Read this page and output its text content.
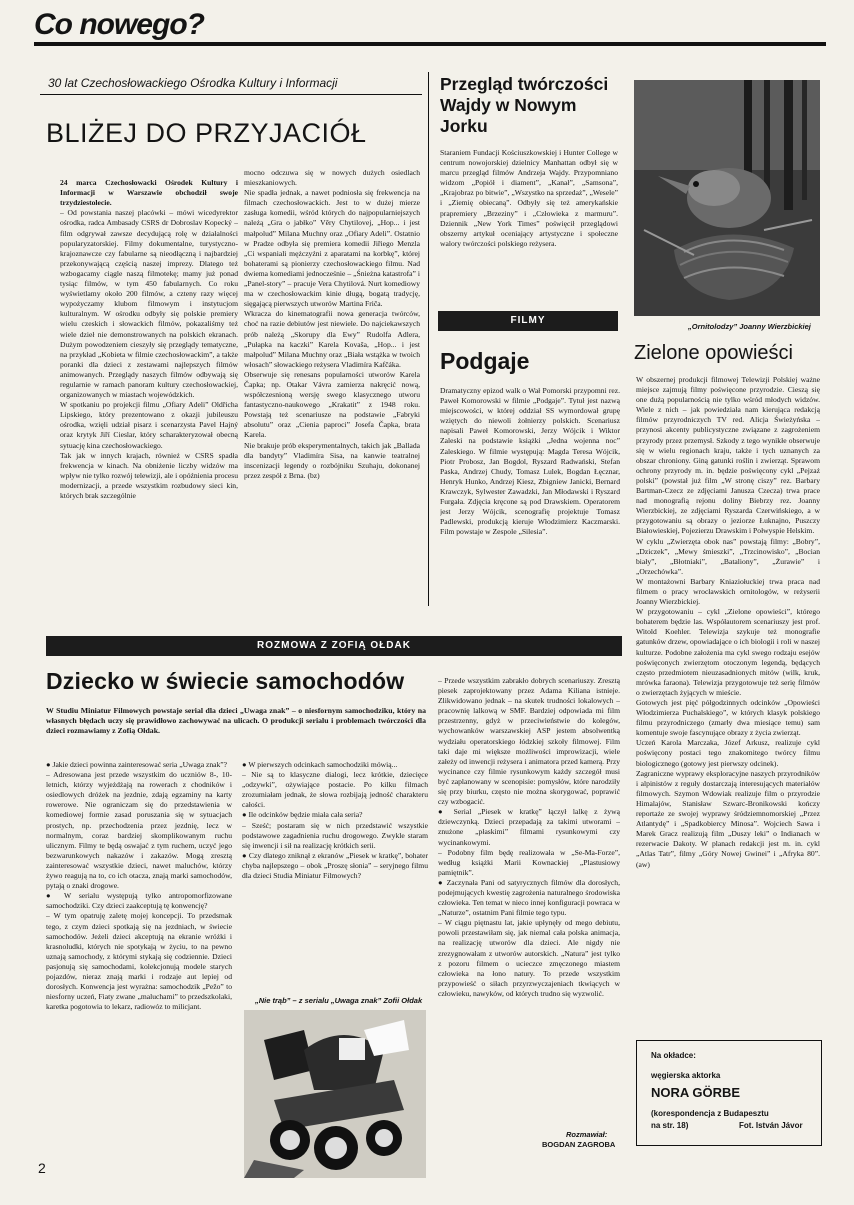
Co nowego?
30 lat Czechosłowackiego Ośrodka Kultury i Informacji
BLIŻEJ DO PRZYJACIÓŁ

24 marca Czechosłowacki Ośrodek Kultury i Informacji w Warszawie obchodził swoje trzydziestolecie.
– Od powstania naszej placówki – mówi wicedyrektor ośrodka, radca Ambasady CSRS dr Dobroslav Kopecký – film odgrywał zawsze decydującą rolę w działalności popularyzatorskiej. Filmy dokumentalne, turystyczno-krajoznawcze czy fabularne są nieodłączną i najbardziej przekonywającą częścią naszej imprezy. Dlatego też wzbogacamy ciągle naszą filmotekę; mamy już ponad tysiąc filmów, w tym 450 fabularnych. Co roku wyświetlamy około 200 filmów, a czteny razy więcej wypożyczamy klubom filmowym i instytucjom kulturalnym. W ośrodku odbyły się polskie premiery wielu czeskich i słowackich filmów, pokazaliśmy też wiele dzieł nie demonstrowanych na polskich ekranach. Dużym powodzeniem cieszyły się przeglądy tematyczne, na przykład „Kobieta w filmie czechosłowackim”, a także poranki dla dzieci z zestawami najlepszych filmów animowanych. Przeglądy naszych filmów odbywają się regularnie w ramach panoram kultury czechosłowackiej, organizowanych w miastach wojewódzkich.
W spotkaniu po projekcji filmu „Ofiary Adeli” Oldřicha Lipskiego, który prezentowano z okazji jubileuszu ośrodka, wzięli udział pisarz i scenarzysta Pavel Hajný oraz krytyk Jiří Cieslar, który scharakteryzował obecną sytuację kina czechosłowackiego.
Tak jak w innych krajach, również w CSRS spadła frekwencja w kinach. Na obniżenie liczby widzów ma wpływ nie tylko rozwój telewizji, ale i opóźnienia procesu modernizacji, a przede wszystkim rozbudowy sieci kin, których brak szczególnie

mocno odczuwa się w nowych dużych osiedlach mieszkaniowych.
Nie spadła jednak, a nawet podniosła się frekwencja na filmach czechosłowackich. Jest to w dużej mierze zasługa komedii, wśród których do najpopularniejszych należą „Gra o jabłko” Věry Chytilovej, „Hop... i jest małpolud” Milana Muchny oraz „Ofiary Adeli”. Ostatnio w Pradze odbyła się premiera komedii Jiřiego Menzla „Ci wspaniali mężczyźni z aparatami na korbkę”, której bohaterami są pionierzy czechosłowackiego filmu. Nad dwiema komediami jednocześnie – „Śnieżna katastrofa” i „Panel-story” – pracuje Vera Chytilová. Nurt komediowy ma w czechosłowackim kinie długą, bogatą tradycję, sięgającą pierwszych utworów Martina Friča.
Wkracza do kinematografii nowa generacja twórców, choć na razie debiutów jest niewiele. Do najciekawszych prób należą „Skorupy dla Ewy” Rudolfa Adlera, „Pułapka na kaczki” Karela Kovaša, „Hop... i jest małpolud” Milana Muchny oraz „Biała wstążka w twoich włosach” słowackiego reżysera Vladimíra Kafčáka.
Obserwuje się renesans popularności utworów Karela Čapka; np. Otakar Vávra zamierza nakręcić nową, współczesnioną wersję swego klasycznego utworu fantastyczno-naukowego „Krakatit” z 1948 roku. Powstają też scenariusze na podstawie „Fabryki absolutu” oraz „Cienia paproci” Josefa Čapka, brata Karela.
Nie brakuje prób eksperymentalnych, takich jak „Ballada dla bandyty” Vladimíra Sisa, na kanwie teatralnej inscenizacji legendy o rozbójniku Szuhaju, dokonanej przez zespół z Brna. (bz)
Przegląd twórczości Wajdy w Nowym Jorku
Staraniem Fundacji Kościuszkowskiej i Hunter College w centrum nowojorskiej dzielnicy Manhattan odbył się w marcu przegląd filmów Andrzeja Wajdy. Przypomniano widzom „Popiół i diament”, „Kanał”, „Samsona”, „Krajobraz po bitwie”, „Wszystko na sprzedaż”, „Wesele” i „Ziemię obiecaną”. Odbyły się też amerykańskie prapremiery „Brzeziny” i „Człowieka z marmuru”. Dziennik „New York Times” poświęcił przeglądowi obszerny artykuł oceniający artystyczne i społeczne walory twórczości polskiego reżysera.
„Ornitolodzy” Joanny Wierzbickiej
FILMY
Podgaje
Dramatyczny epizod walk o Wał Pomorski przypomni rez. Paweł Komorowski w filmie „Podgaje”. Tytuł jest nazwą miejscowości, w której oddział SS wymordował grupę wziętych do niewoli żołnierzy polskich. Scenariusz napisali Paweł Komorowski, Jerzy Wójcik i Wiktor Zaleski na podstawie książki „Jedna wojenna noc” Zaleskiego. W filmie występują: Magda Teresa Wójcik, Piotr Probosz, Jan Bogdol, Ryszard Radwański, Stefan Paska, Andrzej Chudy, Tomasz Lulek, Bogdan Łęcznar, Henryk Hunko, Andrzej Kiesz, Zbigniew Janicki, Bernard Krawczyk, Sylwester Zawadzki, Jan Młodawski i Ryszard Furgała. Zdjęcia kręcone są pod Drawskiem. Operatorem jest Jerzy Wójcik, scenografię projektuje Tomasz Padlewski, produkcją kieruje Włodzimierz Kaczmarski. Film powstaje w Zespole „Silesia”.
Zielone opowieści
W obszernej produkcji filmowej Telewizji Polskiej ważne miejsce zajmują filmy poświęcone przyrodzie. Cieszą się one dużą popularnością nie tylko wśród młodych widzów. Wiele z nich – jak powiedziała nam kierująca redakcją filmów przyrodniczych TV red. Alicja Świeżyńska – przynosi akcenty publicystyczne związane z zagrożeniem przyrody przez przemysł. Szkody z tego wynikłe obserwuje się w wielu regionach kraju, także i tych uznanych za obszar chroniony. Giną gatunki roślin i zwierząt. Sprawom ochrony przyrody m. in. będzie poświęcony cykl „Pejzaż polski” (powstał już film „W stronę ciszy” rez. Barbary Bartman-Czecz ze zdjęciami Janusza Czecza) trwa prace nad monografią rejonu doliny Biebrzy rez. Joanny Wierzbickiej, ze zdjęciami Ryszarda Czerwińskiego, a w przygotowaniu są obrazy o jeziorze Łuknajno, Puszczy Białowieskiej, Pojezierzu Drawskim i Połwyspie Helskim.
W cyklu „Zwierzęta obok nas” powstają filmy: „Bobry”, „Dziczek”, „Mewy śmieszki”, „Trzcinowisko”, „Bocian biały”, „Błotniaki”, „Bataliony”, „Żurawie” i „Orzechówka”.
W montażowni Barbary Kniaziołuckiej trwa praca nad filmem o pracy wrocławskich ornitologów, w reżyserii Joanny Wierzbickiej.
W przygotowaniu – cykl „Zielone opowieści”, którego bohaterem będzie las. Współautorem scenariuszy jest prof. Witold Koehler. Telewizja szykuje też monografie gatunków drzew, opowiadające o ich biologii i roli w naszej kulturze. Podobne założenia ma cykl swego rodzaju esejów poświęconych zwierzętom otoczonym legendą, będących często przedmiotem nieuzasadnionych mitów (wilk, kruk, mrówka faraona). Telewizja przygotowuje też serię filmów o zwierzętach żyjących w mieście.
Gotowych jest pięć półgodzinnych odcinków „Opowieści Włodzimierza Puchalskiego”, w których klasyk polskiego filmu przyrodniczego (zmarły dwa miesiące temu) sam komentuje swoje fascynujące obrazy z życia zwierząt.
Uczeń Karola Marczaka, Józef Arkusz, realizuje cykl poświęcony postaci tego znakomitego twórcy filmu biologicznego (gotowy jest pierwszy odcinek).
Zagraniczne wyprawy eksploracyjne naszych przyrodników i alpinistów z reguły dostarczają interesujących materiałów filmowych. Szymon Wdowiak realizuje film o przyrodzie Himalajów, Stanisław Szwarc-Bronikowski kończy reportaże ze swojej wyprawy śródziemnomorskiej „Przez Atlantydę” i „Spadkobiercy Minosa”. Wojciech Sawa i Marek Gracz realizują film „Duszy leki” o Indianach w rezerwacie Dakoty. W planach redakcji jest m. in. cykl „Atlas Tatr”, filmy „Góry Nowej Gwinei” i „Afryka 80”. (aw)
Na okładce:
węgierska aktorka
NORA GÖRBE
(korespondencja z Budapesztu
na str. 18)	Fot. István Jávor
ROZMOWA Z ZOFIĄ OŁDAK
Dziecko w świecie samochodów
W Studiu Miniatur Filmowych powstaje serial dla dzieci „Uwaga znak” – o niesfornym samochodziku, który na własnych błędach uczy się prawidłowo zachowywać na ulicach. O produkcji serialu i problemach twórczości dla dzieci rozmawiamy z Zofią Ołdak.
● Jakie dzieci powinna zainteresować seria „Uwaga znak”?
– Adresowana jest przede wszystkim do uczniów 8-, 10-letnich, którzy wyjeżdżają na rowerach z chodników i osiedlowych dróżek na jezdnie, zdają egzaminy na karty rowerowe. Nie ograniczam się do przedstawienia w komediowej formie zasad poruszania się w sytuacjach prostych, np. przechodzenia przez jezdnię, lecz w normalnym, coraz bardziej skomplikowanym ruchu ulicznym. Filmy te będą oswajać z tym ruchem, uczyć jego bezwarunkowych nakazów i zakazów. Mogą zresztą zainteresować wszystkie dzieci, nawet maluchów, którzy żywo reagują na to, co ich otacza, znają marki samochodów, pytają o znaki drogowe.
● W serialu występują tylko antropomorfizowane samochodziki. Czy dzieci zaakceptują tę konwencję?
– W tym opatruję zaletę mojej koncepcji. To przedsmak tego, z czym dzieci spotkają się na jezdniach, w świecie samochodów. Jeżeli dzieci akceptują na ekranie wróżki i krasnoludki, których nie spotykają w życiu, to na pewno uznają samochody, z którymi stykają się codziennie. Dzieci pasjonują się samochodami, kolekcjonują modele starych pojazdów, nieraz znają marki i rodzaje aut lepiej od dorosłych. Konwencja jest wyrażna: samochodzik „Pežo” to niesforny uczeń, Fiaty zwane „maluchami” to przedszkolaki, karetka pogotowia to lekarz, radiowóz to milicjant.
● W pierwszych odcinkach samochodziki mówią...
– Nie są to klasyczne dialogi, lecz krótkie, dziecięce „odzywki”, ożywiające postacie. Po kilku filmach zrozumiałam jednak, że słowa rozbijają jedność charakteru całości.
● Ile odcinków będzie miała cała seria?
– Sześć; postaram się w nich przedstawić wszystkie podstawowe zagadnienia ruchu drogowego. Zwykle staram się inwencji i sił na realizację krótkich serii.
● Czy dlatego zniknął z ekranów „Piesek w kratkę”, bohater chyba najlepszego – obok „Proszę słonia” – seryjnego filmu dla dzieci Studia Miniatur Filmowych?
„Nie trąb” – z serialu „Uwaga znak” Zofii Ołdak
– Przede wszystkim zabrakło dobrych scenariuszy. Zresztą piesek zaprojektowany przez Adama Kiliana istnieje. Zlikwidowano jednak – na skutek trudności lokalowych – pracownię lalkową w SMF. Bardziej odpowiada mi film przestrzenny, gdyż w przeciwieństwie do kolegów, wychowanków warszawskiej ASP jestem absolwentką wydziału operatorskiego łódzkiej szkoły filmowej. Film taki daje mi większe możliwości improwizacji, wiele załeży od inwencji reżysera i animatora przed kamerą. Przy wycinance czy filmie rysunkowym każdy szczegół musi być zaplanowany w scenopisie: pomysłów, które narodziły się przy biurku, często nie można skorygować, poprawić czy wzbogacić.
● Serial „Piesek w kratkę” łączył lalkę z żywą dziewczynką. Dzieci przepadają za takimi utworami – znużone „płaskimi” filmami rysunkowymi czy wycinankowymi.
– Podobny film będę realizowała w „Se-Ma-Forze”, według książki Marii Kownackiej „Plastusiowy pamiętnik”.
● Zaczynała Pani od satyrycznych filmów dla dorosłych, podejmujących kwestię zagrożenia naturalnego środowiska człowieka. Ten temat w nieco innej konfiguracji powraca w „Naturze”, ostatnim Pani filmie tego typu.
– W ciągu piętnastu lat, jakie upłynęły od mego debiutu, powoli przestawiłam się, jak niemal cała polska animacja, na realizację utworów dla dzieci. Ale nigdy nie zrezygnowałam z utworów autorskich. „Natura” jest tylko z pozoru filmem o ucieczce zmęczonego miastem człowieka na łono natury. To przede wszystkim przypowieść o siłach przyrzwyczajeniach tkwiących w człowieku, nawyków, od których trudno się wyzwolić.
Rozmawiał:
BOGDAN ZAGROBA
2
